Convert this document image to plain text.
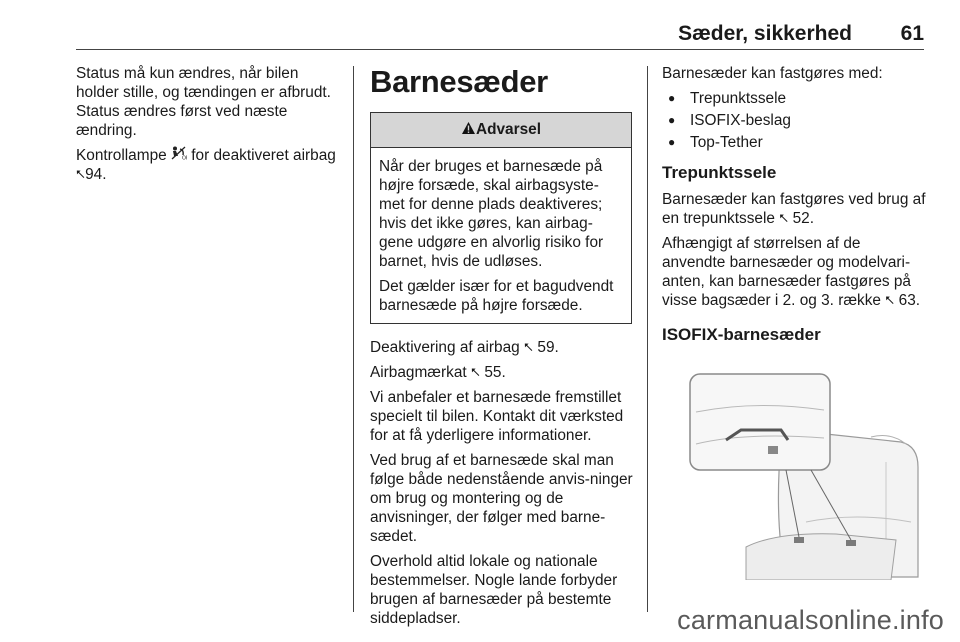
Sæder, sikkerhed 61

Status må kun ændres, når bilen holder stille, og tændingen er afbrudt. Status ændres først ved næste ændring.

Kontrollampe O for deaktiveret airbag ⭦94.

Barnesæder
Advarsel

Når der bruges et barnesæde på højre forsæde, skal airbagsyste-met for denne plads deaktiveres; hvis det ikke gøres, kan airbag-gene udgøre en alvorlig risiko for barnet, hvis de udløses.

Det gælder især for et bagudvendt barnesæde på højre forsæde.

Deaktivering af airbag ⭦ 59.

Airbagmærkat ⭦ 55.

Vi anbefaler et barnesæde fremstillet specielt til bilen. Kontakt dit værksted for at få yderligere informationer.

Ved brug af et barnesæde skal man følge både nedenstående anvis-ninger om brug og montering og de anvisninger, der følger med barne-sædet.

Overhold altid lokale og nationale bestemmelser. Nogle lande forbyder brugen af barnesæder på bestemte siddepladser.

Barnesæder kan fastgøres med:

● Trepunktssele
● ISOFIX-beslag
● Top-Tether
Trepunktssele

Barnesæder kan fastgøres ved brug af en trepunktssele ⭦ 52.

Afhængigt af størrelsen af de anvendte barnesæder og modelvari-anten, kan barnesæder fastgøres på visse bagsæder i 2. og 3. række ⭦ 63.

ISOFIX-barnesæder
carmanualsonline.info
